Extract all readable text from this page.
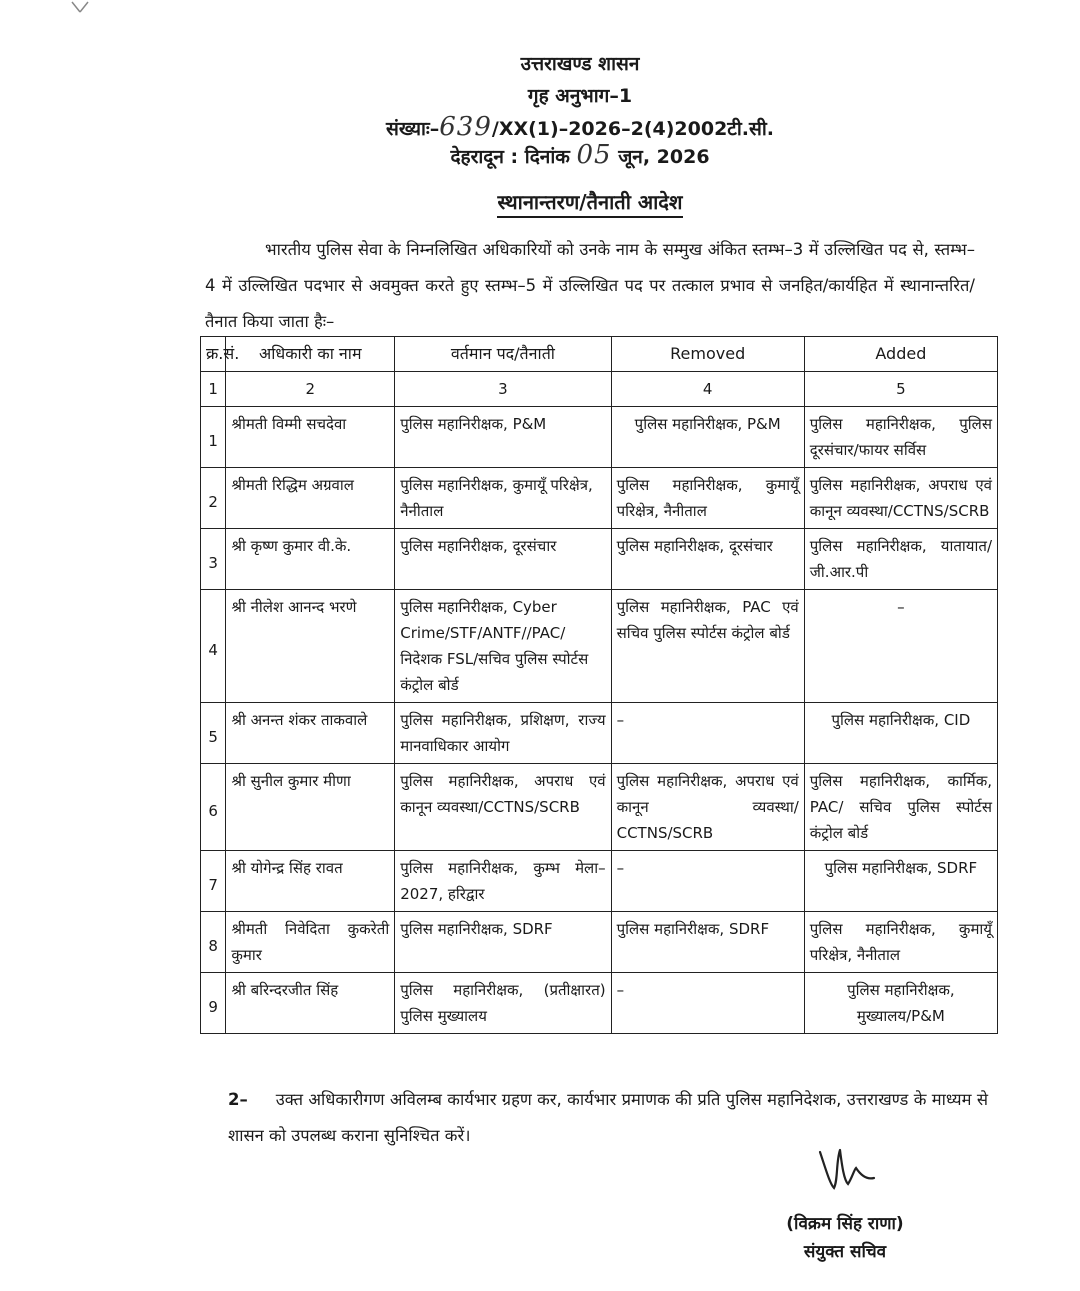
उत्तराखण्ड शासन
गृह अनुभाग–1
संख्याः–639/XX(1)–2026–2(4)2002टी.सी.
देहरादून : दिनांक 05 जून, 2026
स्थानान्तरण/तैनाती आदेश
भारतीय पुलिस सेवा के निम्नलिखित अधिकारियों को उनके नाम के सम्मुख अंकित स्तम्भ–3 में उल्लिखित पद से, स्तम्भ–4 में उल्लिखित पदभार से अवमुक्त करते हुए स्तम्भ–5 में उल्लिखित पद पर तत्काल प्रभाव से जनहित/कार्यहित में स्थानान्तरित/तैनात किया जाता हैः–
क्र.सं.	अधिकारी का नाम	वर्तमान पद/तैनाती	Removed	Added
1	2	3	4	5
1	श्रीमती विम्मी सचदेवा	पुलिस महानिरीक्षक, P&M	पुलिस महानिरीक्षक, P&M	पुलिस महानिरीक्षक, पुलिस दूरसंचार/फायर सर्विस
2	श्रीमती रिद्धिम अग्रवाल	पुलिस महानिरीक्षक, कुमायूँ परिक्षेत्र, नैनीताल	पुलिस महानिरीक्षक, कुमायूँ परिक्षेत्र, नैनीताल	पुलिस महानिरीक्षक, अपराध एवं कानून व्यवस्था/CCTNS/SCRB
3	श्री कृष्ण कुमार वी.के.	पुलिस महानिरीक्षक, दूरसंचार	पुलिस महानिरीक्षक, दूरसंचार	पुलिस महानिरीक्षक, यातायात/जी.आर.पी
4	श्री नीलेश आनन्द भरणे	पुलिस महानिरीक्षक, Cyber Crime/STF/ANTF//PAC/ निदेशक FSL/सचिव पुलिस स्पोर्टस कंट्रोल बोर्ड	पुलिस महानिरीक्षक, PAC एवं सचिव पुलिस स्पोर्टस कंट्रोल बोर्ड	–
5	श्री अनन्त शंकर ताकवाले	पुलिस महानिरीक्षक, प्रशिक्षण, राज्य मानवाधिकार आयोग	–	पुलिस महानिरीक्षक, CID
6	श्री सुनील कुमार मीणा	पुलिस महानिरीक्षक, अपराध एवं कानून व्यवस्था/CCTNS/SCRB	पुलिस महानिरीक्षक, अपराध एवं कानून व्यवस्था/ CCTNS/SCRB	पुलिस महानिरीक्षक, कार्मिक, PAC/ सचिव पुलिस स्पोर्टस कंट्रोल बोर्ड
7	श्री योगेन्द्र सिंह रावत	पुलिस महानिरीक्षक, कुम्भ मेला–2027, हरिद्वार	–	पुलिस महानिरीक्षक, SDRF
8	श्रीमती निवेदिता कुकरेती कुमार	पुलिस महानिरीक्षक, SDRF	पुलिस महानिरीक्षक, SDRF	पुलिस महानिरीक्षक, कुमायूँ परिक्षेत्र, नैनीताल
9	श्री बरिन्दरजीत सिंह	पुलिस महानिरीक्षक, (प्रतीक्षारत) पुलिस मुख्यालय	–	पुलिस महानिरीक्षक, मुख्यालय/P&M
2– उक्त अधिकारीगण अविलम्ब कार्यभार ग्रहण कर, कार्यभार प्रमाणक की प्रति पुलिस महानिदेशक, उत्तराखण्ड के माध्यम से शासन को उपलब्ध कराना सुनिश्चित करें।
(विक्रम सिंह राणा)
संयुक्त सचिव
